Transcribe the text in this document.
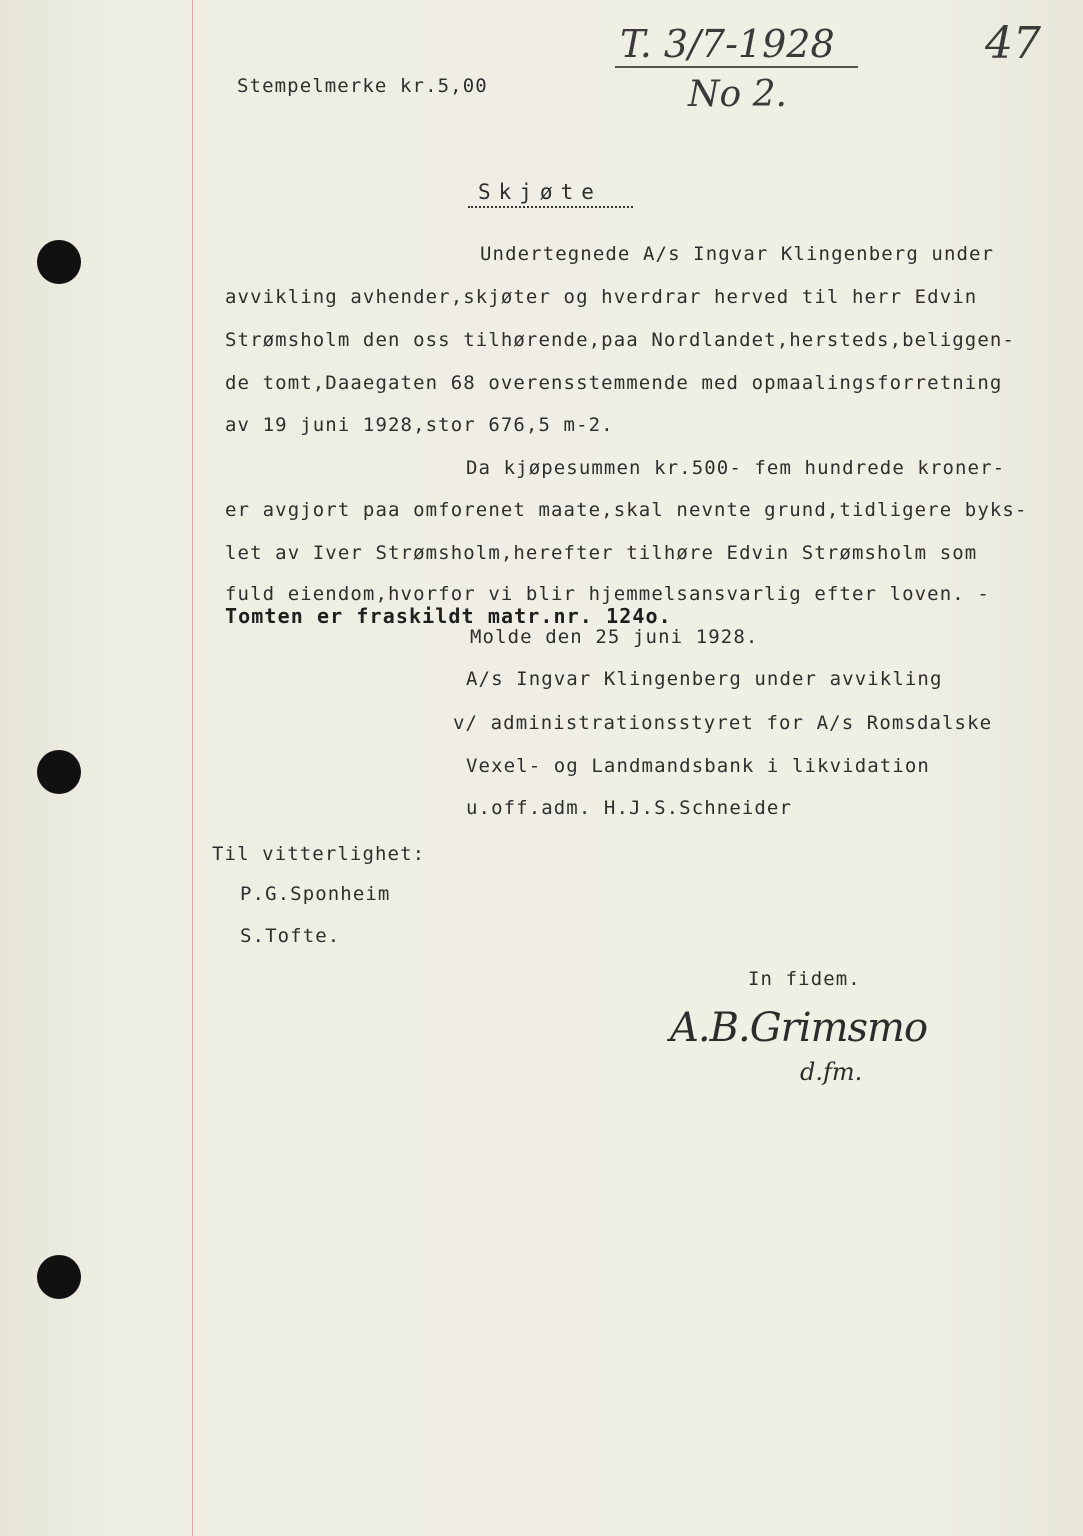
T. 3/7-1928	47
No 2.
Stempelmerke kr.5,00
Skjøte
Undertegnede A/s Ingvar Klingenberg under
avvikling avhender,skjøter og hverdrar herved til herr Edvin
Strømsholm den oss tilhørende,paa Nordlandet,hersteds,beliggen-
de tomt,Daaegaten 68 overensstemmende med opmaalingsforretning
av 19 juni 1928,stor 676,5 m-2.
Da kjøpesummen kr.500- fem hundrede kroner-
er avgjort paa omforenet maate,skal nevnte grund,tidligere byks-
let av Iver Strømsholm,herefter tilhøre Edvin Strømsholm som
fuld eiendom,hvorfor vi blir hjemmelsansvarlig efter loven. -
Tomten er fraskildt matr.nr. 124o.
Molde den 25 juni 1928.
A/s Ingvar Klingenberg under avvikling
v/ administrationsstyret for A/s Romsdalske
Vexel- og Landmandsbank i likvidation
u.off.adm. H.J.S.Schneider
Til vitterlighet:
P.G.Sponheim
S.Tofte.
In fidem.
A.B.Grimsmo
d.fm.
